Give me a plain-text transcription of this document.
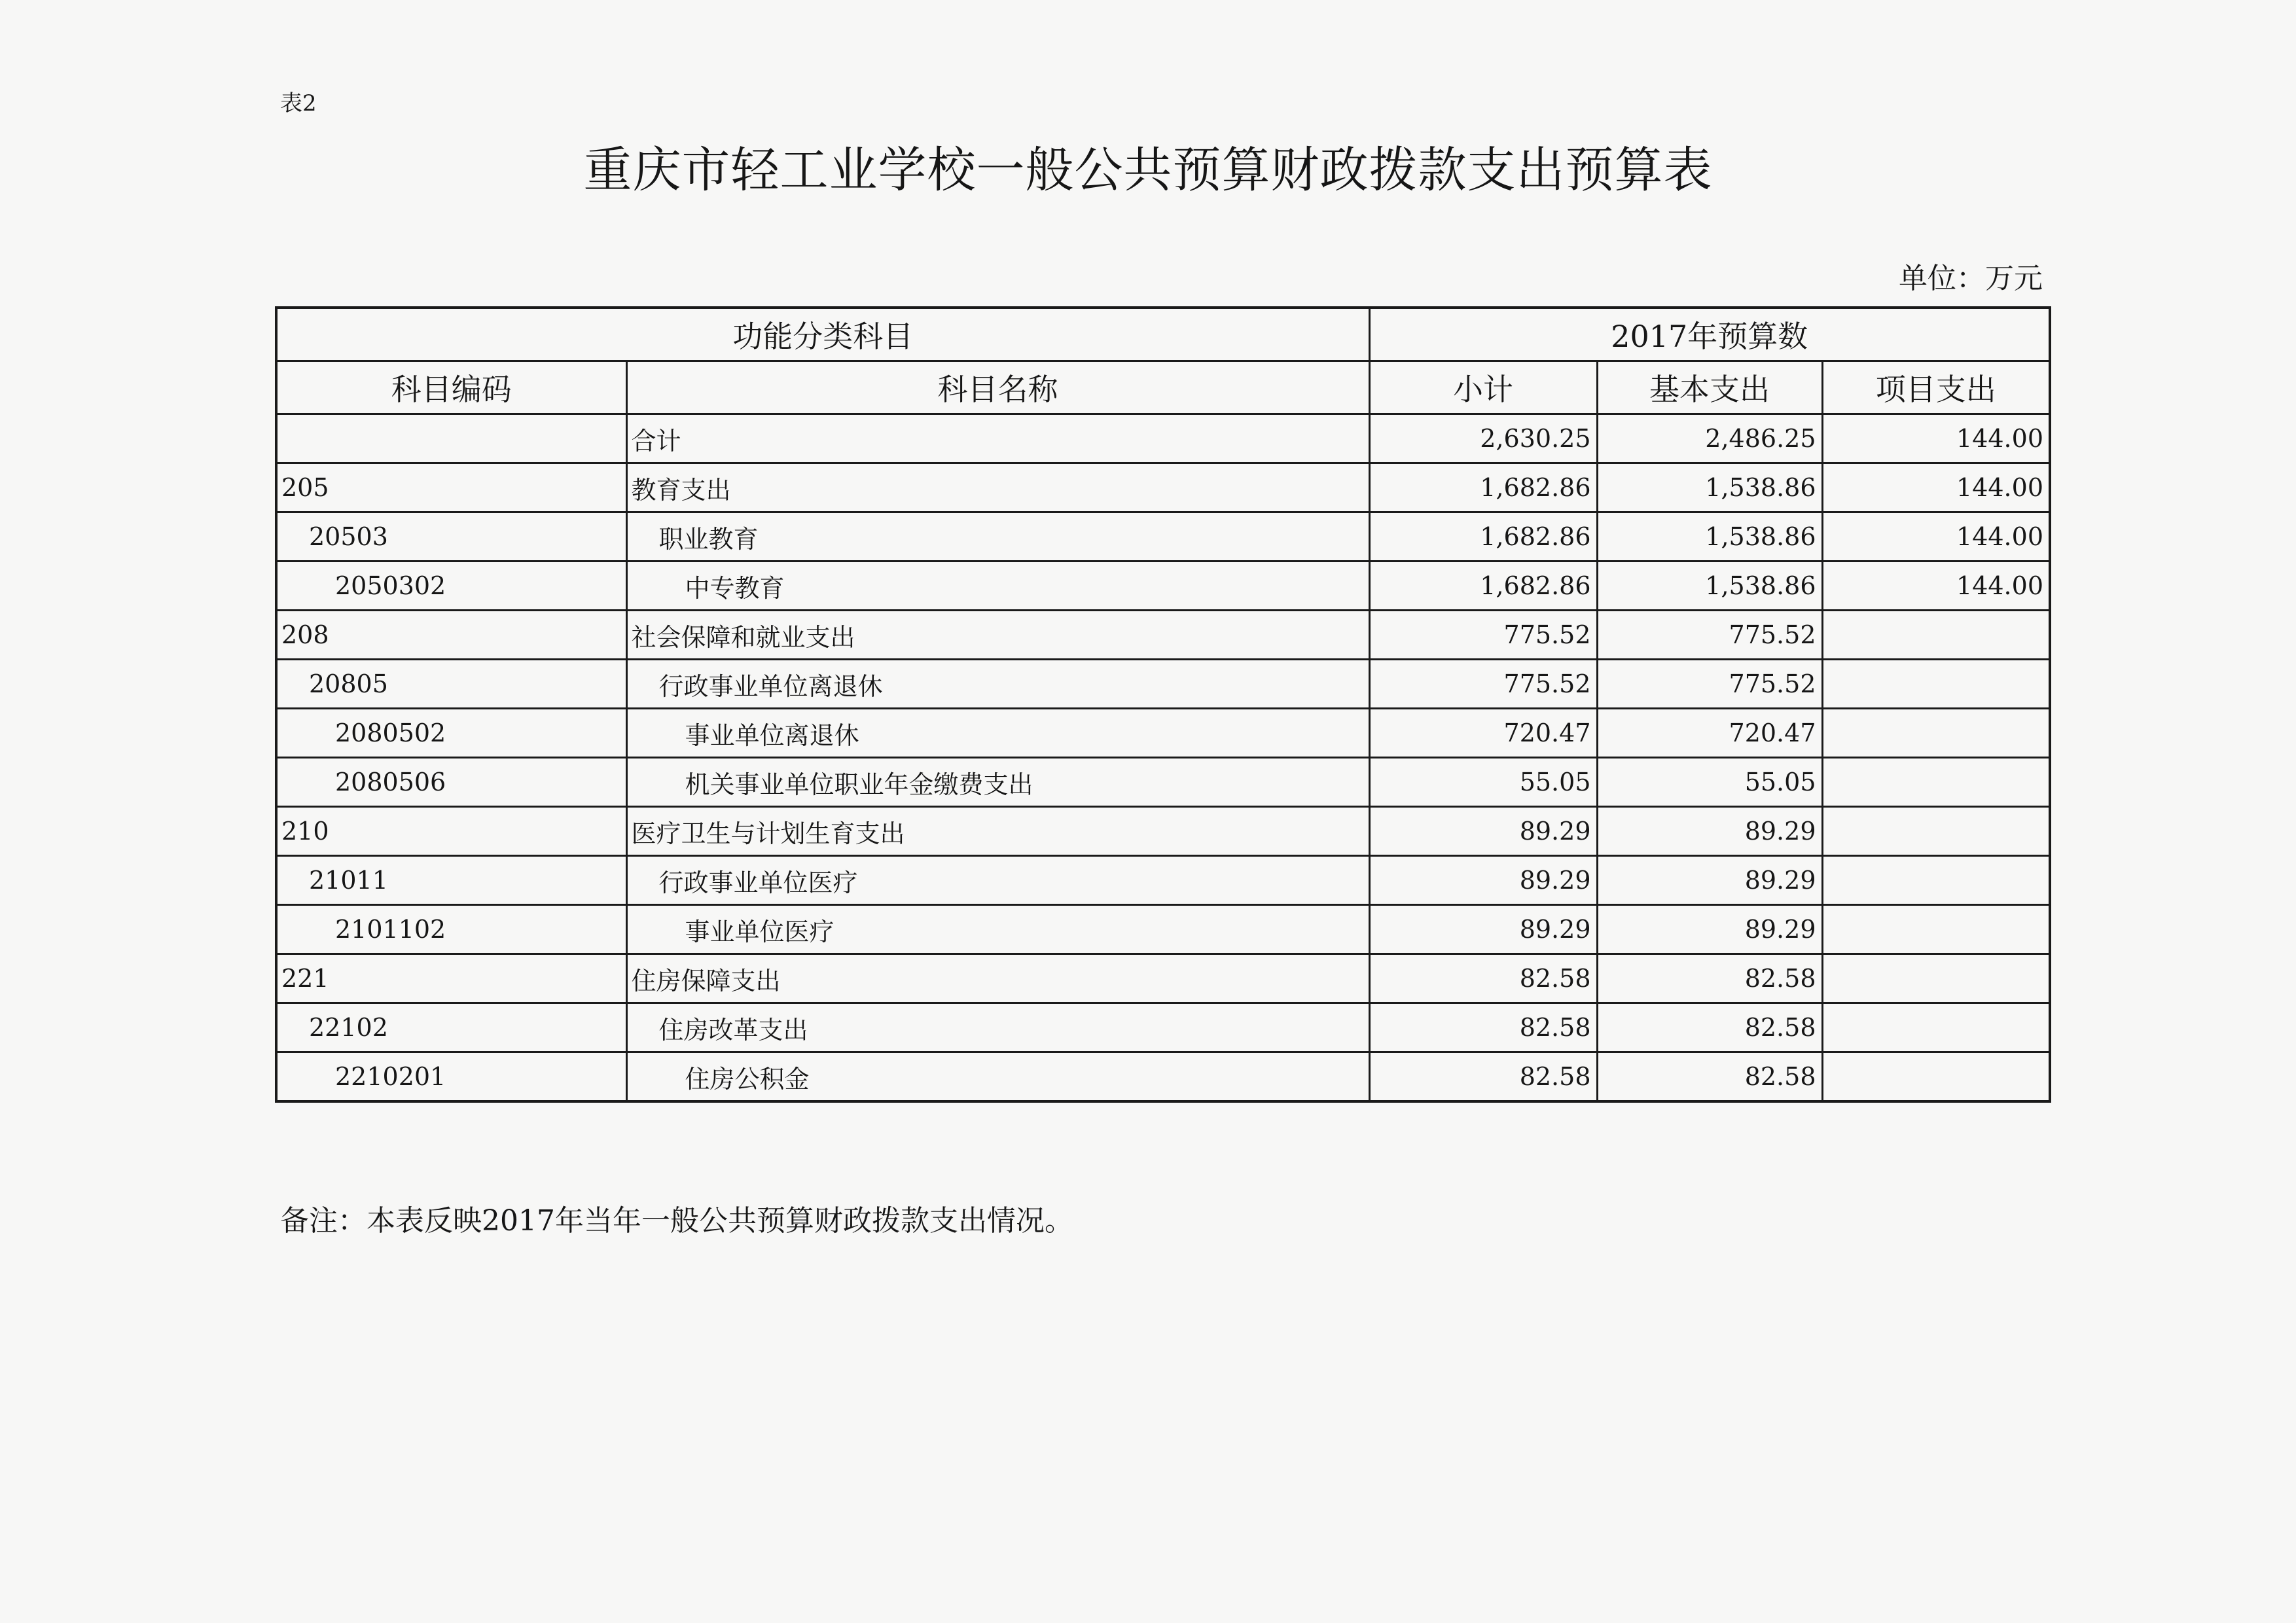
表2
重庆市轻工业学校一般公共预算财政拨款支出预算表
单位：万元
功能分类科目		2017年预算数		
科目编码	科目名称	小计	基本支出	项目支出
	合计	2,630.25	2,486.25	144.00
205	教育支出	1,682.86	1,538.86	144.00
20503	职业教育	1,682.86	1,538.86	144.00
2050302	中专教育	1,682.86	1,538.86	144.00
208	社会保障和就业支出	775.52	775.52	
20805	行政事业单位离退休	775.52	775.52	
2080502	事业单位离退休	720.47	720.47	
2080506	机关事业单位职业年金缴费支出	55.05	55.05	
210	医疗卫生与计划生育支出	89.29	89.29	
21011	行政事业单位医疗	89.29	89.29	
2101102	事业单位医疗	89.29	89.29	
221	住房保障支出	82.58	82.58	
22102	住房改革支出	82.58	82.58	
2210201	住房公积金	82.58	82.58	
备注：本表反映2017年当年一般公共预算财政拨款支出情况。
